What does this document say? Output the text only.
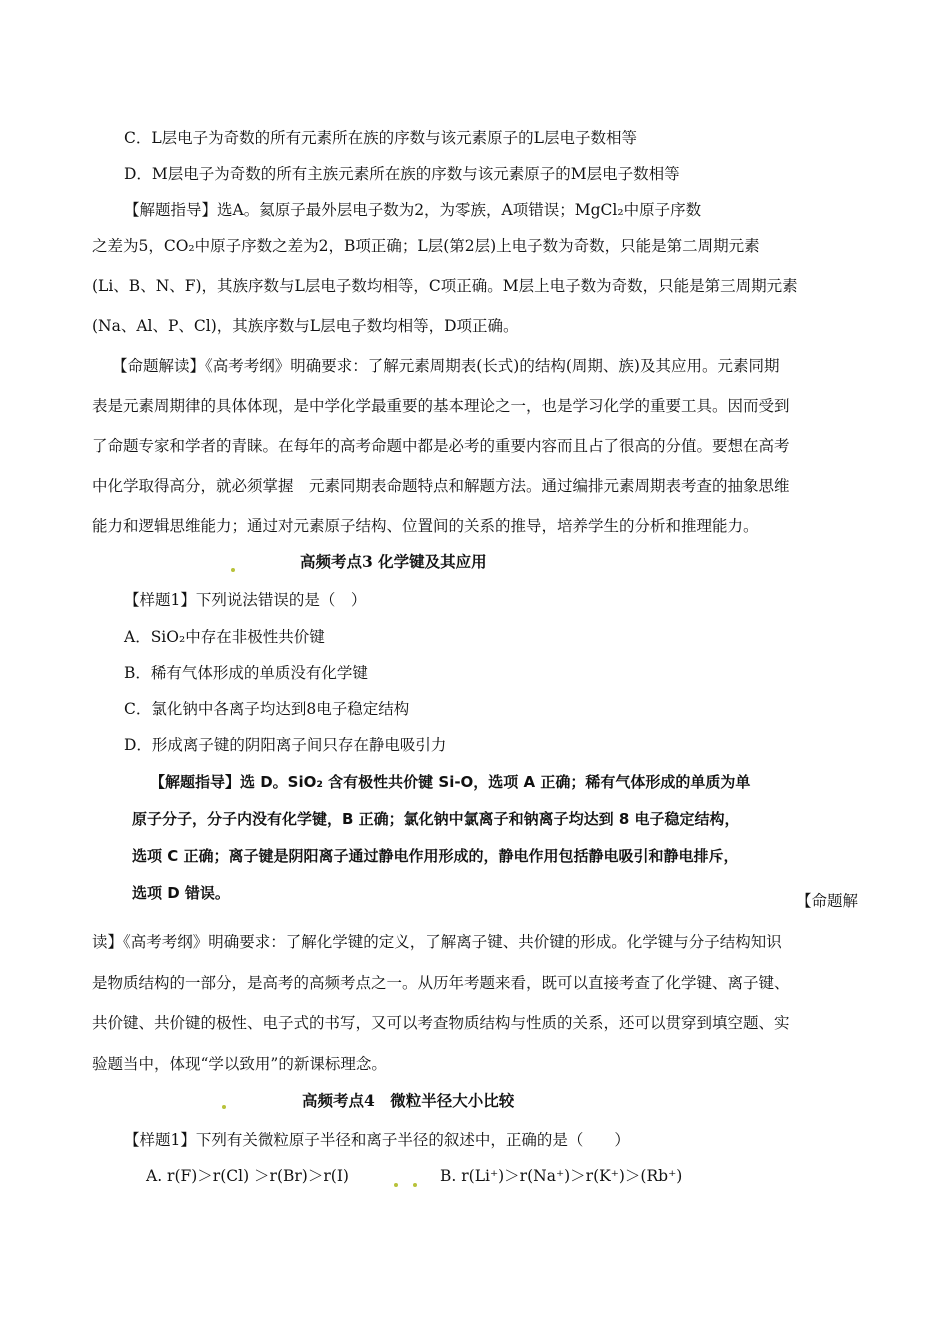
C．L层电子为奇数的所有元素所在族的序数与该元素原子的L层电子数相等
D．M层电子为奇数的所有主族元素所在族的序数与该元素原子的M层电子数相等
【解题指导】选A。氦原子最外层电子数为2，为零族，A项错误；MgCl₂中原子序数
之差为5，CO₂中原子序数之差为2，B项正确；L层(第2层)上电子数为奇数，只能是第二周期元素
(Li、B、N、F)，其族序数与L层电子数均相等，C项正确。M层上电子数为奇数，只能是第三周期元素
(Na、Al、P、Cl)，其族序数与L层电子数均相等，D项正确。
【命题解读】《高考考纲》明确要求：了解元素周期表(长式)的结构(周期、族)及其应用。元素同期
表是元素周期律的具体体现，是中学化学最重要的基本理论之一，也是学习化学的重要工具。因而受到
了命题专家和学者的青睐。在每年的高考命题中都是必考的重要内容而且占了很高的分值。要想在高考
中化学取得高分，就必须掌握　元素同期表命题特点和解题方法。通过编排元素周期表考查的抽象思维
能力和逻辑思维能力；通过对元素原子结构、位置间的关系的推导，培养学生的分析和推理能力。
高频考点3 化学键及其应用
【样题1】下列说法错误的是（　）
A．SiO₂中存在非极性共价键
B．稀有气体形成的单质没有化学键
C．氯化钠中各离子均达到8电子稳定结构
D．形成离子键的阴阳离子间只存在静电吸引力
【解题指导】选 D。SiO₂ 含有极性共价键 Si-O，选项 A 正确；稀有气体形成的单质为单
原子分子，分子内没有化学键，B 正确；氯化钠中氯离子和钠离子均达到 8 电子稳定结构，
选项 C 正确；离子键是阴阳离子通过静电作用形成的，静电作用包括静电吸引和静电排斥，
选项 D 错误。	【命题解
读】《高考考纲》明确要求：了解化学键的定义，了解离子键、共价键的形成。化学键与分子结构知识
是物质结构的一部分，是高考的高频考点之一。从历年考题来看，既可以直接考查了化学键、离子键、
共价键、共价键的极性、电子式的书写，又可以考查物质结构与性质的关系，还可以贯穿到填空题、实
验题当中，体现“学以致用”的新课标理念。
高频考点4　微粒半径大小比较
【样题1】下列有关微粒原子半径和离子半径的叙述中，正确的是（　　）
A. r(F)＞r(Cl) ＞r(Br)＞r(I)	B. r(Li⁺)＞r(Na⁺)＞r(K⁺)＞(Rb⁺)
